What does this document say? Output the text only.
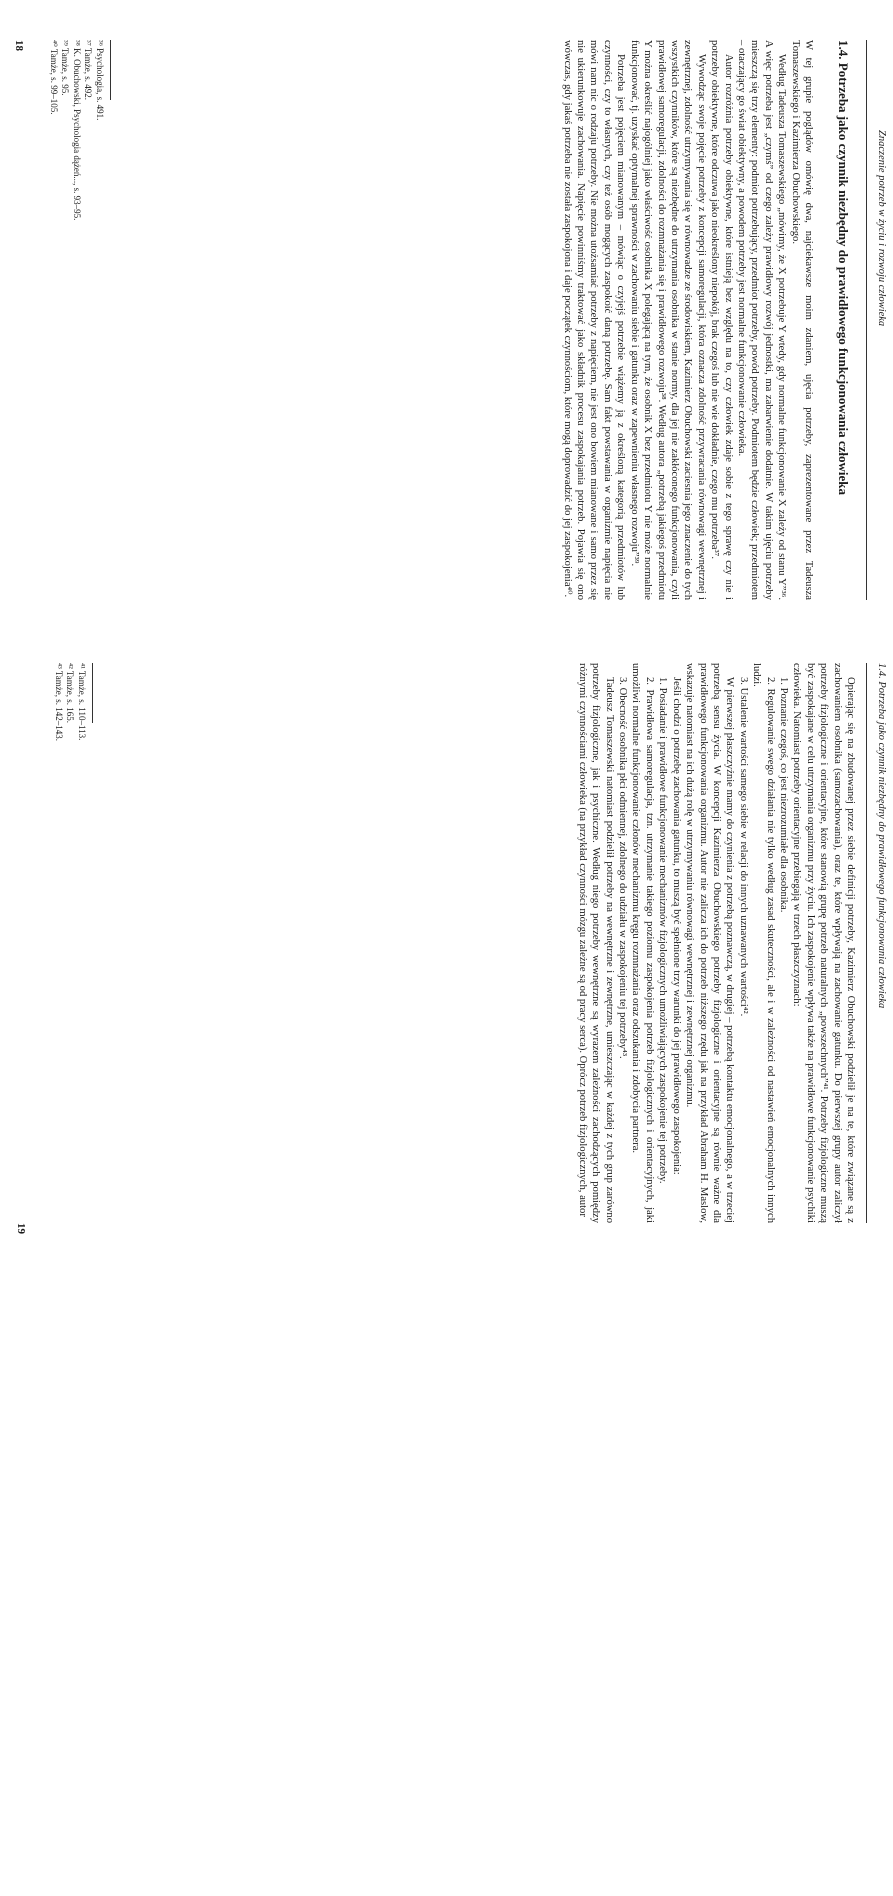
Znaczenie potrzeb w życiu i rozwoju człowieka
1.4. Potrzeba jako czynnik niezbędny do prawidłowego funkcjonowania człowieka

W tej grupie poglądów omówię dwa, najciekawsze moim zdaniem, ujęcia potrzeby, zaprezentowane przez Tadeusza Tomaszewskiego i Kazimierza Obuchowskiego.

Według Tadeusza Tomaszewskiego „mówimy, że X potrzebuje Y wtedy, gdy normalne funkcjonowanie X zależy od stanu Y”³⁶. A więc potrzeba jest „czymś” od czego zależy prawidłowy rozwój jednostki, ma zabarwienie dodatnie. W takim ujęciu potrzeby mieszczą się trzy elementy: podmiot potrzebujący, przedmiot potrzeby, powód potrzeby. Podmiotem będzie człowiek; przedmiotem – otaczający go świat obiektywny, a powodem potrzeby jest normalne funkcjonowanie człowieka.

Autor rozróżnia potrzeby obiektywne, które istnieją bez względu na to, czy człowiek zdaje sobie z tego sprawę czy nie i potrzeby obiektywne, które odczuwa jako nieokreślony niepokój, brak czegoś lub nie wie dokładnie, czego mu potrzeba³⁷.

Wywodząc swoje pojęcie potrzeby z koncepcji samoregulacji, która oznacza zdolność przywracania równowagi wewnętrznej i zewnętrznej, zdolność utrzymywania się w równowadze ze środowiskiem, Kazimierz Obuchowski zaciesnia jego znaczenie do tych wszystkich czynników, które są niezbędne do utrzymania osobnika w stanie normy, dla jej nie zakłóconego funkcjonowania, czyli prawidłowej samoregulacji, zdolności do rozmnażania się i prawidłowego rozwoju³⁸. Według autora „potrzebą jakiegoś przedmiotu Y można określić najogólniej jako właściwość osobnika X polegającą na tym, że osobnik X bez przedmiotu Y nie może normalnie funkcjonować, tj. uzyskać optymalnej sprawności w zachowaniu siebie i gatunku oraz w zapewnieniu własnego rozwoju”³⁹.

Potrzeba jest pojęciem mianowanym – mówiąc o czyjejś potrzebie wiążemy ją z określoną kategorią przedmiotów lub czynności, czy to własnych, czy też osób mogących zaspokoić daną potrzebę. Sam fakt powstawania w organizmie napięcia nie mówi nam nic o rodzaju potrzeby. Nie można utożsamiać potrzeby z napięciem, nie jest ono bowiem mianowane i samo przez się nie ukierunkowuje zachowania. Napięcie powinniśmy traktować jako składnik procesu zaspokajania potrzeb. Pojawia się ono wówczas, gdy jakaś potrzeba nie została zaspokojona i daje początek czynnościom, które mogą doprowadzić do jej zaspokojenia⁴⁰.

³⁶ Psychologia, s. 491.
³⁷ Tamże, s. 492.
³⁸ K. Obuchowski, Psychologia dążeń..., s. 93–95.
³⁹ Tamże, s. 95.
⁴⁰ Tamże, s. 99–105.
18
1.4. Potrzeba jako czynnik niezbędny do prawidłowego funkcjonowania człowieka

Opierając się na zbudowanej przez siebie definicji potrzeby, Kazimierz Obuchowski podzielił je na te, które związane są z zachowaniem osobnika (samozachowania), oraz te, które wpływają na zachowanie gatunku. Do pierwszej grupy autor zaliczył potrzeby fizjologiczne i orientacyjne, które stanowią grupę potrzeb naturalnych „powszechnych”⁴¹. Potrzeby fizjologiczne muszą być zaspokajane w celu utrzymania organizmu przy życiu. Ich zaspokojenie wpływa także na prawidłowe funkcjonowanie psychiki człowieka. Natomiast potrzeby orientacyjne przebiegają w trzech płaszczyznach:

1. Poznanie czegoś, co jest niezrozumiałe dla osobnika.

2. Regulowanie swego działania nie tylko według zasad skuteczności, ale i w zależności od nastawień emocjonalnych innych ludzi.

3. Ustalenie wartości samego siebie w relacji do innych uznawanych wartości⁴².

W pierwszej płaszczyźnie mamy do czynienia z potrzebą poznawczą, w drugiej – potrzebą kontaktu emocjonalnego, a w trzeciej potrzebą sensu życia. W koncepcji Kazimierza Obuchowskiego potrzeby fizjologiczne i orientacyjne są równie ważne dla prawidłowego funkcjonowania organizmu. Autor nie zalicza ich do potrzeb niższego rzędu jak na przykład Abraham H. Maslow, wskazuje natomiast na ich dużą rolę w utrzymywaniu równowagi wewnętrznej i zewnętrznej organizmu.

Jeśli chodzi o potrzebę zachowania gatunku, to muszą być spełnione trzy warunki do jej prawidłowego zaspokojenia:

1. Posiadanie i prawidłowe funkcjonowanie mechanizmów fizjologicznych umożliwiających zaspokojenie tej potrzeby.

2. Prawidłowa samoregulacja, tzn. utrzymanie takiego poziomu zaspokojenia potrzeb fizjologicznych i orientacyjnych, jaki umożliwi normalne funkcjonowanie członów mechanizmu kręgu rozmnażania oraz odszukania i zdobycia partnera.

3. Obecność osobnika płci odmiennej, zdolnego do udziału w zaspokojeniu tej potrzeby⁴³.

Tadeusz Tomaszewski natomiast podzielił potrzeby na wewnętrzne i zewnętrzne, umieszczając w każdej z tych grup zarówno potrzeby fizjologiczne, jak i psychiczne. Według niego potrzeby wewnętrzne są wyrazem zależności zachodzących pomiędzy różnymi czynnościami człowieka (na przykład czynności mózgu zależne są od pracy serca). Oprócz potrzeb fizjologicznych, autor

⁴¹ Tamże, s. 110–113.
⁴² Tamże, s. 165.
⁴³ Tamże, s. 142–143.
19
